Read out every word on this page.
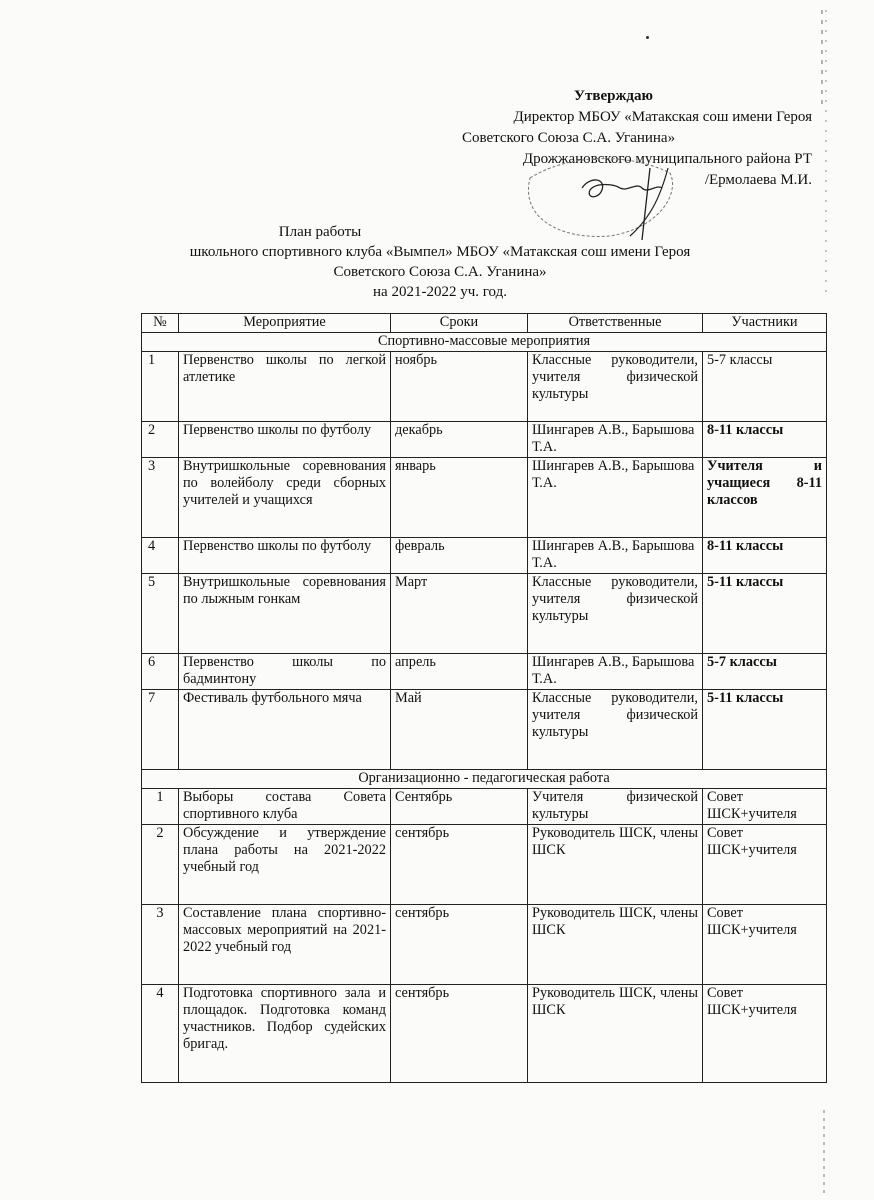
Утверждаю
Директор МБОУ «Матакская сош имени Героя
Советского Союза С.А. Уганина»
Дрожжановского муниципального района РТ
/Ермолаева М.И.
План работы
школьного спортивного клуба «Вымпел» МБОУ «Матакская сош имени Героя
Советского Союза С.А. Уганина»
на 2021-2022 уч. год.
№	Мероприятие	Сроки	Ответственные	Участники
Спортивно-массовые мероприятия				
1	Первенство школы по легкой атлетике	ноябрь	Классные руководители, учителя физической культуры	5-7 классы
2	Первенство школы по футболу	декабрь	Шингарев А.В., Барышова Т.А.	8-11 классы
3	Внутришкольные соревнования по волейболу среди сборных учителей и учащихся	январь	Шингарев А.В., Барышова Т.А.	Учителя и учащиеся 8-11 классов
4	Первенство школы по футболу	февраль	Шингарев А.В., Барышова Т.А.	8-11 классы
5	Внутришкольные соревнования по лыжным гонкам	Март	Классные руководители, учителя физической культуры	5-11 классы
6	Первенство школы по бадминтону	апрель	Шингарев А.В., Барышова Т.А.	5-7 классы
7	Фестиваль футбольного мяча	Май	Классные руководители, учителя физической культуры	5-11 классы
Организационно - педагогическая работа				
1	Выборы состава Совета спортивного клуба	Сентябрь	Учителя физической культуры	Совет ШСК+учителя
2	Обсуждение и утверждение плана работы на 2021-2022 учебный год	сентябрь	Руководитель ШСК, члены ШСК	Совет ШСК+учителя
3	Составление плана спортивно-массовых мероприятий на 2021-2022 учебный год	сентябрь	Руководитель ШСК, члены ШСК	Совет ШСК+учителя
4	Подготовка спортивного зала и площадок. Подготовка команд участников. Подбор судейских бригад.	сентябрь	Руководитель ШСК, члены ШСК	Совет ШСК+учителя
